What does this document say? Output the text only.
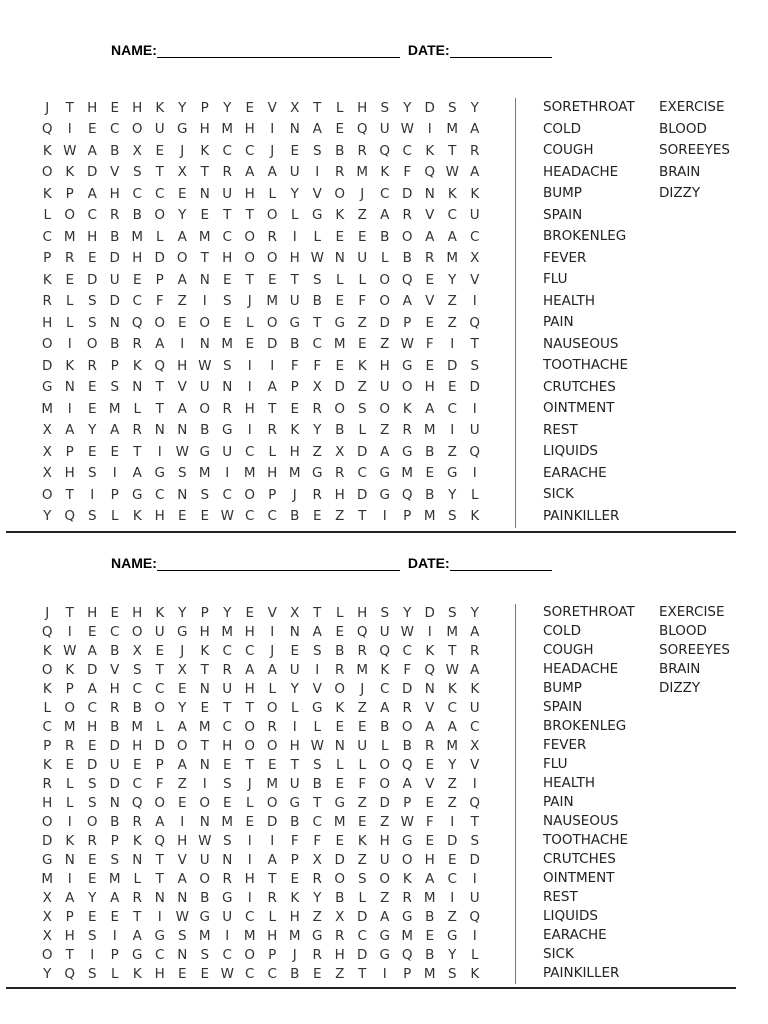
NAME:	DATE:
J	T H E H K	Y	P	Y	E	V X	T	L	H S	Y D S	Y
Q	I	E	C O U G H M H	I	N A	E Q U W	I	M A
K W A B X	E	J	K C C	J	E	S	B R Q C K	T	R
O K D V	S	T	X	T	R A A U	I	R M K	F Q W A
K	P	A H C C	E N U H	L	Y	V O	J	C D N K	K
L O C R B O Y	E	T	T O L	G K Z A R V C U
C M H B M L	A M C O R	I	L	E	E	B O A A C
P	R	E D H D O T H O O H W N U	L	B R M X
K	E D U E	P	A N E	T	E	T	S	L	L O Q E	Y	V
R	L	S D C	F	Z	I	S	J	M U B	E	F O A V Z	I
H	L	S N Q O E O E	L O G T G Z D P	E	Z Q
O	I	O B R A	I	N M E D B C M E	Z W F	I	T
D K R	P	K Q H W S	I	I	F	F	E	K H G E D S
G N E	S N T	V U N	I	A	P	X D Z U O H E D
M	I	E M L	T	A O R H T	E	R O S O K A C	I
X A	Y	A R N N B G	I	R K	Y	B	L	Z R M	I	U
X	P	E	E	T	I	W G U C	L	H Z X D A G B Z Q
X H S	I	A G S M	I	M H M G R C G M E G	I
O T	I	P G C N S	C O P	J	R H D G Q B	Y	L
Y Q S	L	K H E	E W C C B	E	Z	T	I	P M S	K
SORETHROAT
COLD
COUGH
HEADACHE
BUMP
SPAIN
BROKENLEG
FEVER
FLU
HEALTH
PAIN
NAUSEOUS
TOOTHACHE
CRUTCHES
OINTMENT
REST
LIQUIDS
EARACHE
SICK
PAINKILLER
EXERCISE
BLOOD
SOREEYES
BRAIN
DIZZY
NAME:	DATE:
J	T H E H K	Y	P	Y	E	V X	T	L	H S	Y D S	Y
Q	I	E	C O U G H M H	I	N A	E Q U W	I	M A
K W A B X	E	J	K C C	J	E	S	B R Q C K	T	R
O K D V	S	T	X	T	R A A U	I	R M K	F Q W A
K	P	A H C C	E N U H	L	Y	V O	J	C D N K	K
L O C R B O Y	E	T	T O L	G K Z A R V C U
C M H B M L	A M C O R	I	L	E	E	B O A A C
P	R	E D H D O T H O O H W N U	L	B R M X
K	E D U E	P	A N E	T	E	T	S	L	L O Q E	Y	V
R	L	S D C	F	Z	I	S	J	M U B	E	F O A V Z	I
H	L	S N Q O E O E	L O G T G Z D P	E	Z Q
O	I	O B R A	I	N M E D B C M E	Z W F	I	T
D K R	P	K Q H W S	I	I	F	F	E	K H G E D S
G N E	S N T	V U N	I	A	P	X D Z U O H E D
M	I	E M L	T	A O R H T	E	R O S O K A C	I
X A	Y	A R N N B G	I	R K	Y	B	L	Z R M	I	U
X	P	E	E	T	I	W G U C	L	H Z X D A G B Z Q
X H S	I	A G S M	I	M H M G R C G M E G	I
O T	I	P G C N S	C O P	J	R H D G Q B	Y	L
Y Q S	L	K H E	E W C C B	E	Z	T	I	P M S	K
SORETHROAT
COLD
COUGH
HEADACHE
BUMP
SPAIN
BROKENLEG
FEVER
FLU
HEALTH
PAIN
NAUSEOUS
TOOTHACHE
CRUTCHES
OINTMENT
REST
LIQUIDS
EARACHE
SICK
PAINKILLER
EXERCISE
BLOOD
SOREEYES
BRAIN
DIZZY
